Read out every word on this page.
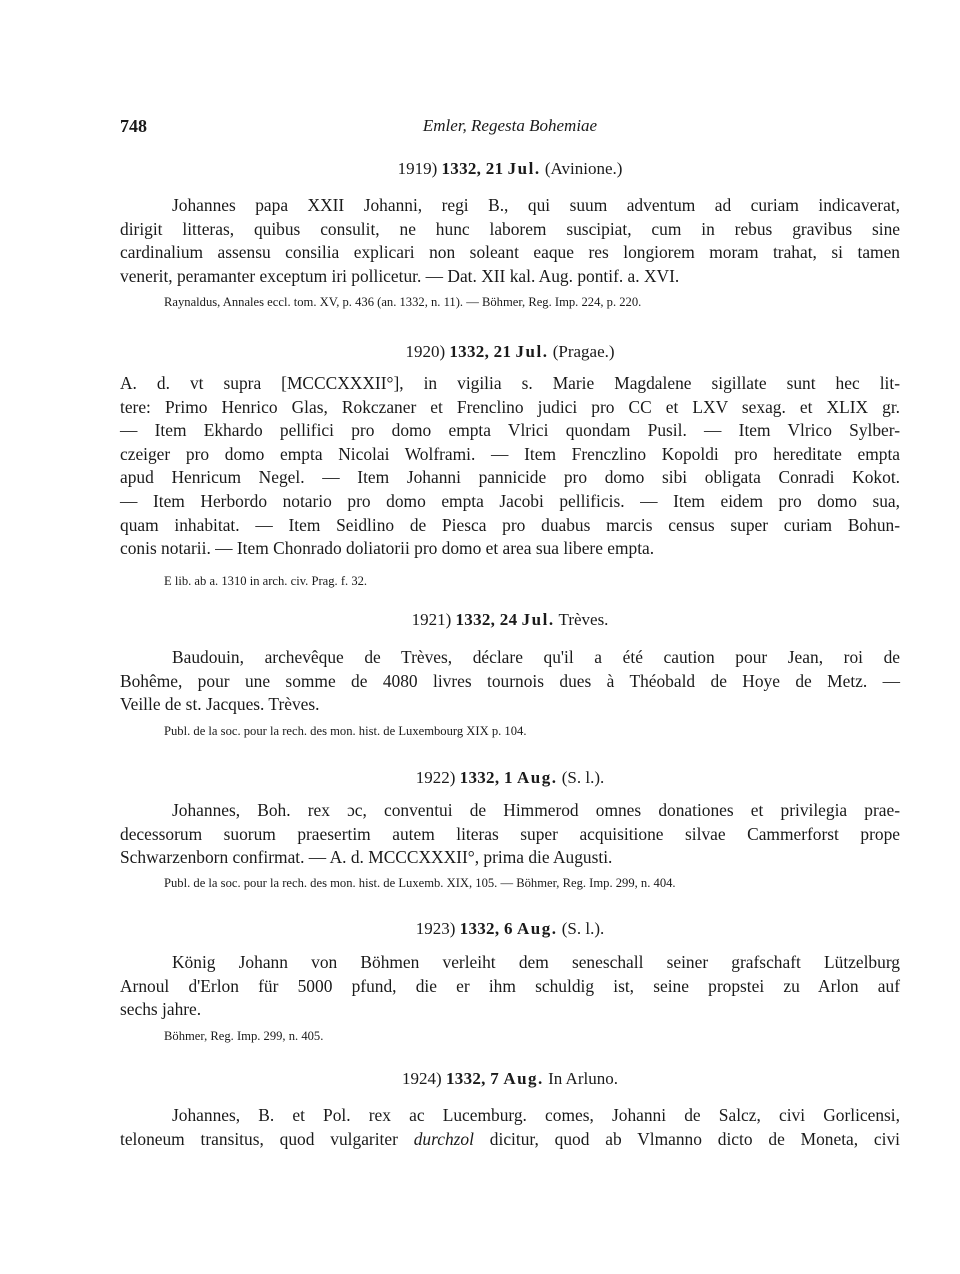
748	Emler, Regesta Bohemiae
1919) 1332, 21 Jul. (Avinione.)
Johannes papa XXII Johanni, regi B., qui suum adventum ad curiam indicaverat,
dirigit litteras, quibus consulit, ne hunc laborem suscipiat, cum in rebus gravibus sine
cardinalium assensu consilia explicari non soleant eaque res longiorem moram trahat, si tamen
venerit, peramanter exceptum iri pollicetur. — Dat. XII kal. Aug. pontif. a. XVI.
Raynaldus, Annales eccl. tom. XV, p. 436 (an. 1332, n. 11). — Böhmer, Reg. Imp. 224, p. 220.
1920) 1332, 21 Jul. (Pragae.)
A. d. vt supra [MCCCXXXII°], in vigilia s. Marie Magdalene sigillate sunt hec lit-
tere: Primo Henrico Glas, Rokczaner et Frenclino judici pro CC et LXV sexag. et XLIX gr.
— Item Ekhardo pellifici pro domo empta Vlrici quondam Pusil. — Item Vlrico Sylber-
czeiger pro domo empta Nicolai Wolframi. — Item Frenczlino Kopoldi pro hereditate empta
apud Henricum Negel. — Item Johanni pannicide pro domo sibi obligata Conradi Kokot.
— Item Herbordo notario pro domo empta Jacobi pellificis. — Item eidem pro domo sua,
quam inhabitat. — Item Seidlino de Piesca pro duabus marcis census super curiam Bohun-
conis notarii. — Item Chonrado doliatorii pro domo et area sua libere empta.
E lib. ab a. 1310 in arch. civ. Prag. f. 32.
1921) 1332, 24 Jul. Trèves.
Baudouin, archevêque de Trèves, déclare qu'il a été caution pour Jean, roi de
Bohême, pour une somme de 4080 livres tournois dues à Théobald de Hoye de Metz. —
Veille de st. Jacques. Trèves.
Publ. de la soc. pour la rech. des mon. hist. de Luxembourg XIX p. 104.
1922) 1332, 1 Aug. (S. l.).
Johannes, Boh. rex ɔc, conventui de Himmerod omnes donationes et privilegia prae-
decessorum suorum praesertim autem literas super acquisitione silvae Cammerforst prope
Schwarzenborn confirmat. — A. d. MCCCXXXII°, prima die Augusti.
Publ. de la soc. pour la rech. des mon. hist. de Luxemb. XIX, 105. — Böhmer, Reg. Imp. 299, n. 404.
1923) 1332, 6 Aug. (S. l.).
König Johann von Böhmen verleiht dem seneschall seiner grafschaft Lützelburg
Arnoul d'Erlon für 5000 pfund, die er ihm schuldig ist, seine propstei zu Arlon auf
sechs jahre.
Böhmer, Reg. Imp. 299, n. 405.
1924) 1332, 7 Aug. In Arluno.
Johannes, B. et Pol. rex ac Lucemburg. comes, Johanni de Salcz, civi Gorlicensi,
teloneum transitus, quod vulgariter durchzol dicitur, quod ab Vlmanno dicto de Moneta, civi
